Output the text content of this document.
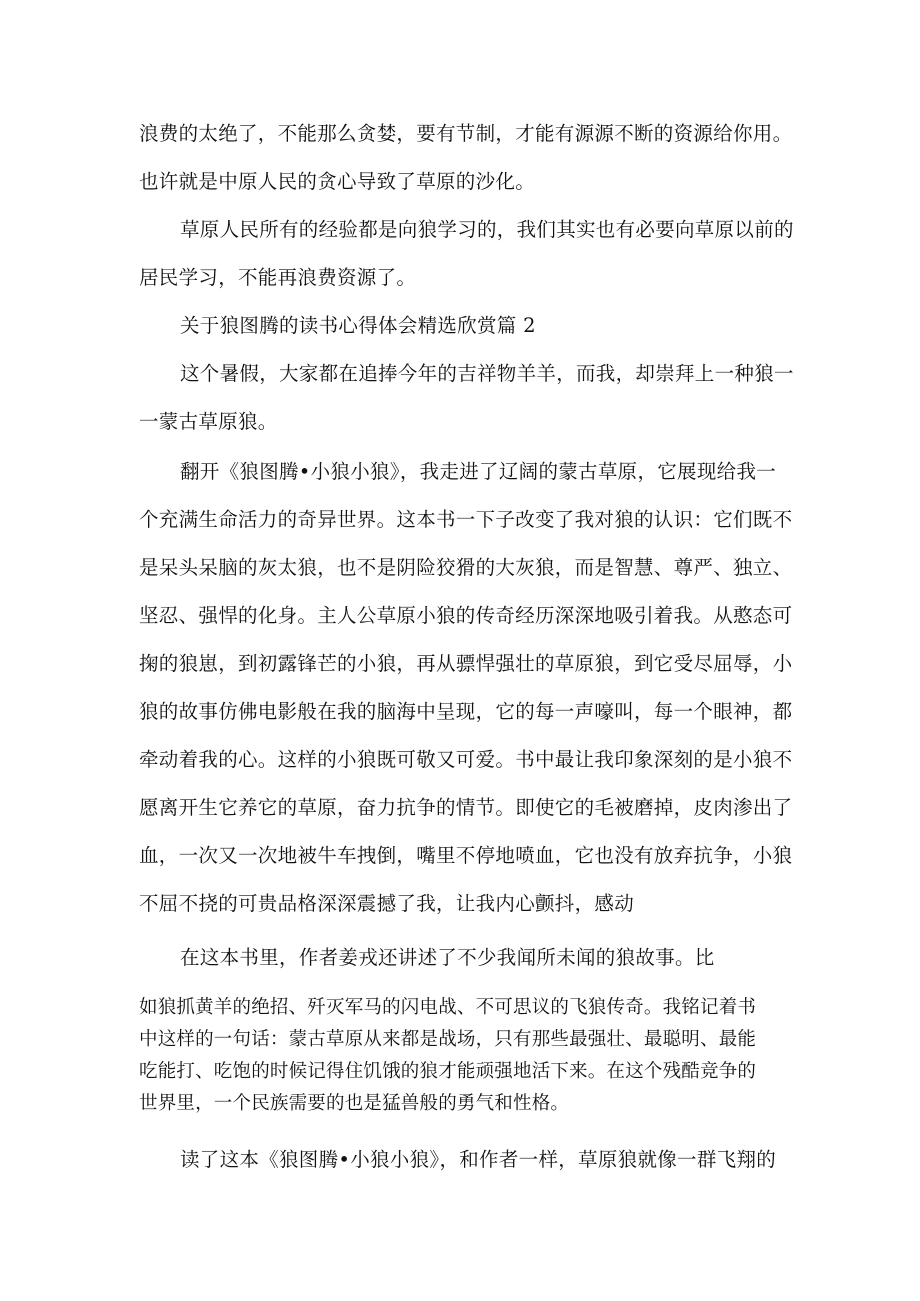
浪费的太绝了，不能那么贪婪，要有节制，才能有源源不断的资源给你用。

也许就是中原人民的贪心导致了草原的沙化。

草原人民所有的经验都是向狼学习的，我们其实也有必要向草原以前的

居民学习，不能再浪费资源了。

关于狼图腾的读书心得体会精选欣赏篇 2

这个暑假，大家都在追捧今年的吉祥物羊羊，而我，却崇拜上一种狼一

一蒙古草原狼。

翻开《狼图腾•小狼小狼》，我走进了辽阔的蒙古草原，它展现给我一

个充满生命活力的奇异世界。这本书一下子改变了我对狼的认识：它们既不

是呆头呆脑的灰太狼，也不是阴险狡猾的大灰狼，而是智慧、尊严、独立、

坚忍、强悍的化身。主人公草原小狼的传奇经历深深地吸引着我。从憨态可

掬的狼崽，到初露锋芒的小狼，再从骠悍强壮的草原狼，到它受尽屈辱，小

狼的故事仿佛电影般在我的脑海中呈现，它的每一声嚎叫，每一个眼神，都

牵动着我的心。这样的小狼既可敬又可爱。书中最让我印象深刻的是小狼不

愿离开生它养它的草原，奋力抗争的情节。即使它的毛被磨掉，皮肉渗出了

血，一次又一次地被牛车拽倒，嘴里不停地喷血，它也没有放弃抗争，小狼

不屈不挠的可贵品格深深震撼了我，让我内心颤抖，感动

在这本书里，作者姜戎还讲述了不少我闻所未闻的狼故事。比

如狼抓黄羊的绝招、歼灭军马的闪电战、不可思议的飞狼传奇。我铭记着书

中这样的一句话：蒙古草原从来都是战场，只有那些最强壮、最聪明、最能

吃能打、吃饱的时候记得住饥饿的狼才能顽强地活下来。在这个残酷竞争的

世界里，一个民族需要的也是猛兽般的勇气和性格。

读了这本《狼图腾•小狼小狼》，和作者一样，草原狼就像一群飞翔的
